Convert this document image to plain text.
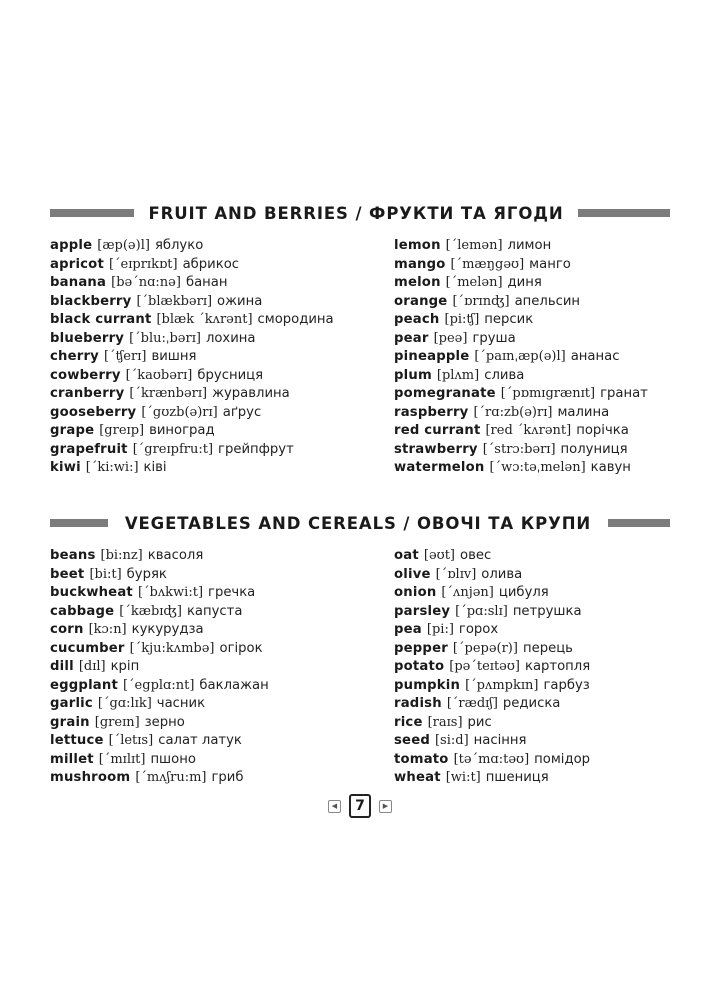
FRUIT AND BERRIES / ФРУКТИ ТА ЯГОДИ
apple [æp(ə)l] яблуко
apricot [ˊeɪprɪkɒt] абрикос
banana [bəˊnɑ:nə] банан
blackberry [ˊblækbərɪ] ожина
black currant [blæk ˊkʌrənt] смородина
blueberry [ˊblu:ˌbərɪ] лохина
cherry [ˊʧerɪ] вишня
cowberry [ˊkaʊbərɪ] брусниця
cranberry [ˊkrænbərɪ] журавлина
gooseberry [ˊgʊzb(ə)rɪ] аґрус
grape [greɪp] виноград
grapefruit [ˊgreɪpfru:t] грейпфрут
kiwi [ˊki:wi:] ківі
lemon [ˊlemən] лимон
mango [ˊmæŋgəʊ] манго
melon [ˊmelən] диня
orange [ˊɒrɪnʤ] апельсин
peach [pi:ʧ] персик
pear [peə] груша
pineapple [ˊpaɪnˌæp(ə)l] ананас
plum [plʌm] слива
pomegranate [ˊpɒmɪgrænɪt] гранат
raspberry [ˊrɑ:zb(ə)rɪ] малина
red currant [red ˊkʌrənt] порічка
strawberry [ˊstrɔ:bərɪ] полуниця
watermelon [ˊwɔ:təˌmelən] кавун
VEGETABLES AND CEREALS / ОВОЧІ ТА КРУПИ
beans [bi:nz] квасоля
beet [bi:t] буряк
buckwheat [ˊbʌkwi:t] гречка
cabbage [ˊkæbɪʤ] капуста
corn [kɔ:n] кукурудза
cucumber [ˊkju:kʌmbə] огірок
dill [dɪl] кріп
eggplant [ˊegplɑ:nt] баклажан
garlic [ˊgɑ:lɪk] часник
grain [greɪn] зерно
lettuce [ˊletɪs] салат латук
millet [ˊmɪlɪt] пшоно
mushroom [ˊmʌʃru:m] гриб
oat [əʊt] овес
olive [ˊɒlɪv] олива
onion [ˊʌnjən] цибуля
parsley [ˊpɑ:slɪ] петрушка
pea [pi:] горох
pepper [ˊpepə(r)] перець
potato [pəˊteɪtəʊ] картопля
pumpkin [ˊpʌmpkɪn] гарбуз
radish [ˊrædɪʃ] редиска
rice [raɪs] рис
seed [si:d] насіння
tomato [təˊmɑ:təʊ] помідор
wheat [wi:t] пшениця
◀	7	▶
